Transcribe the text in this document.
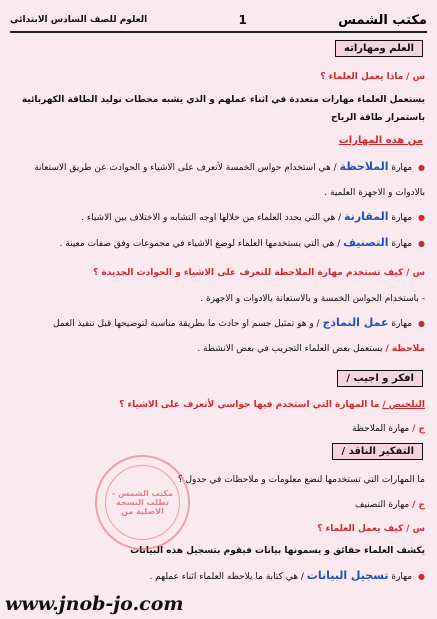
مكتب الشمس
1
العلوم للصف السادس الابتدائي
العلم ومهاراته
س / ماذا يعمل العلماء ؟
يستعمل العلماء مهارات متعددة في اثناء عملهم و الذي يشبه محطات توليد الطاقة الكهربائية
باستمرار طاقة الرياح
من هذه المهارات
● مهارة الملاحظة / هي استخدام حواس الخمسة لأتعرف على الاشياء و الحوادث عن طريق الاستعانة
بالادوات و الاجهزة العلمية .
● مهارة المقارنة / هي التي يحدد العلماء من خلالها اوجه التشابه و الاختلاف بين الاشياء .
● مهارة التصنيف / هي التي يستخدمها العلماء لوضع الاشياء في مجموعات وفق صفات معينة .
س / كيف تستخدم مهارة الملاحظة للتعرف على الاشياء و الحوادث الجديدة ؟
- باستخدام الحواس الخمسة و بالاستعانة بالادوات و الاجهزة .
● مهارة عمل النماذج / و هو تمثيل جسم او حادث ما بطريقة مناسبة لتوضيحها قبل تنفيذ العمل
ملاحظة / يستعمل بعض العلماء التجريب في بعض الانشطة .
افكر و اجيب /
التلخيص / ما المهارة التي استخدم فيها حواسي لأتعرف على الاشياء ؟
ج / مهارة الملاحظة
التفكير الناقد /
ما المهارات التي تستخدمها لنضع معلومات و ملاحظات في جدول ؟
ج / مهارة التصنيف
س / كيف يعمل العلماء ؟
يكشف العلماء حقائق و يسمونها بيانات فيقوم بتسجيل هذه البيانات
● مهارة تسجيل البيانات / هي كتابة ما يلاحظه العلماء اثناء عملهم .
مكتب الشمس - تطلب النسخة الاصلية من
www.jnob-jo.com
